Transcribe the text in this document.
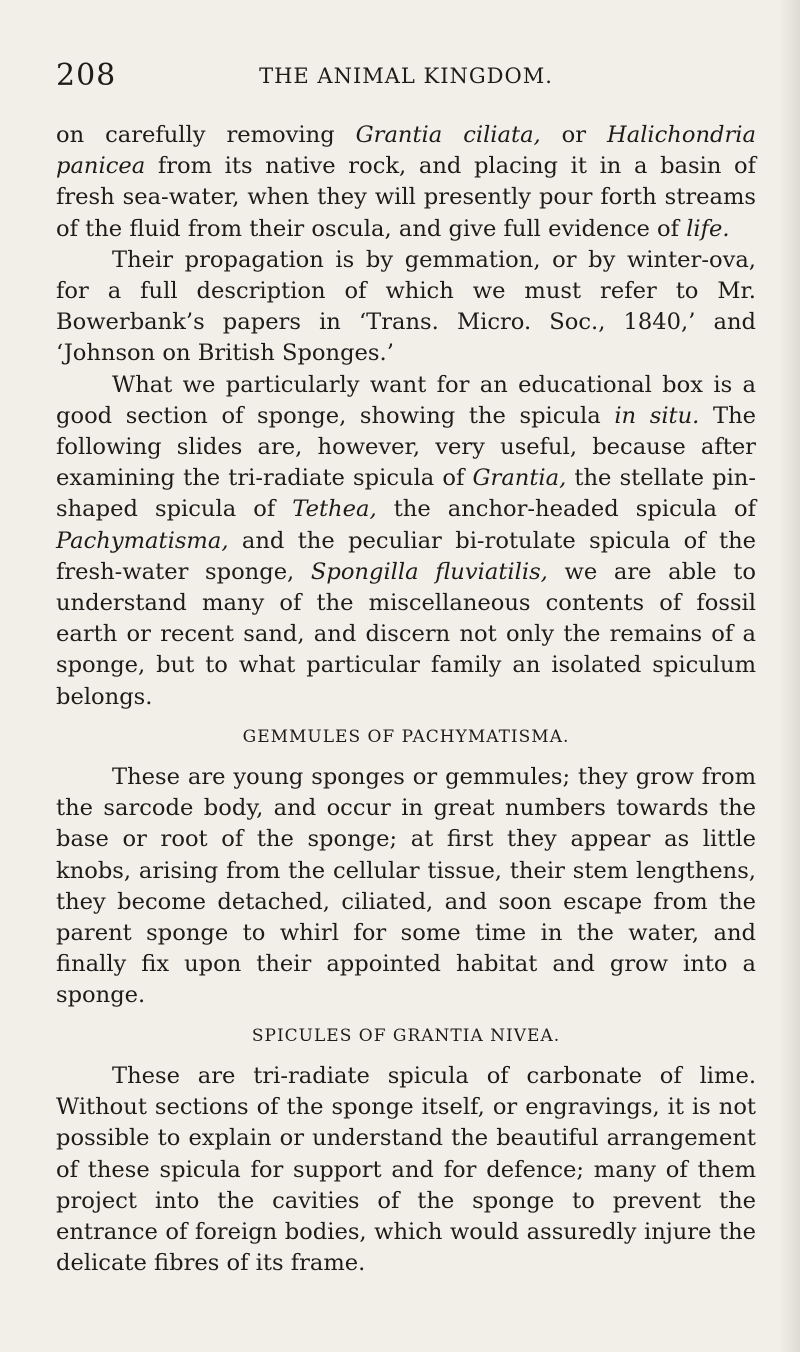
208	THE ANIMAL KINGDOM.

on carefully removing Grantia ciliata, or Halichondria panicea from its native rock, and placing it in a basin of fresh sea-water, when they will presently pour forth streams of the fluid from their oscula, and give full evidence of life.

Their propagation is by gemmation, or by winter-ova, for a full description of which we must refer to Mr. Bowerbank’s papers in ‘Trans. Micro. Soc., 1840,’ and ‘Johnson on British Sponges.’

What we particularly want for an educational box is a good section of sponge, showing the spicula in situ. The following slides are, however, very useful, because after examining the tri-radiate spicula of Grantia, the stellate pin-shaped spicula of Tethea, the anchor-headed spicula of Pachymatisma, and the peculiar bi-rotulate spicula of the fresh-water sponge, Spongilla fluviatilis, we are able to understand many of the miscellaneous contents of fossil earth or recent sand, and discern not only the remains of a sponge, but to what particular family an isolated spiculum belongs.

GEMMULES OF PACHYMATISMA.

These are young sponges or gemmules; they grow from the sarcode body, and occur in great numbers towards the base or root of the sponge; at first they appear as little knobs, arising from the cellular tissue, their stem lengthens, they become detached, ciliated, and soon escape from the parent sponge to whirl for some time in the water, and finally fix upon their appointed habitat and grow into a sponge.

SPICULES OF GRANTIA NIVEA.

These are tri-radiate spicula of carbonate of lime. Without sections of the sponge itself, or engravings, it is not possible to explain or understand the beautiful arrangement of these spicula for support and for defence; many of them project into the cavities of the sponge to prevent the entrance of foreign bodies, which would assuredly injure the delicate fibres of its frame.
